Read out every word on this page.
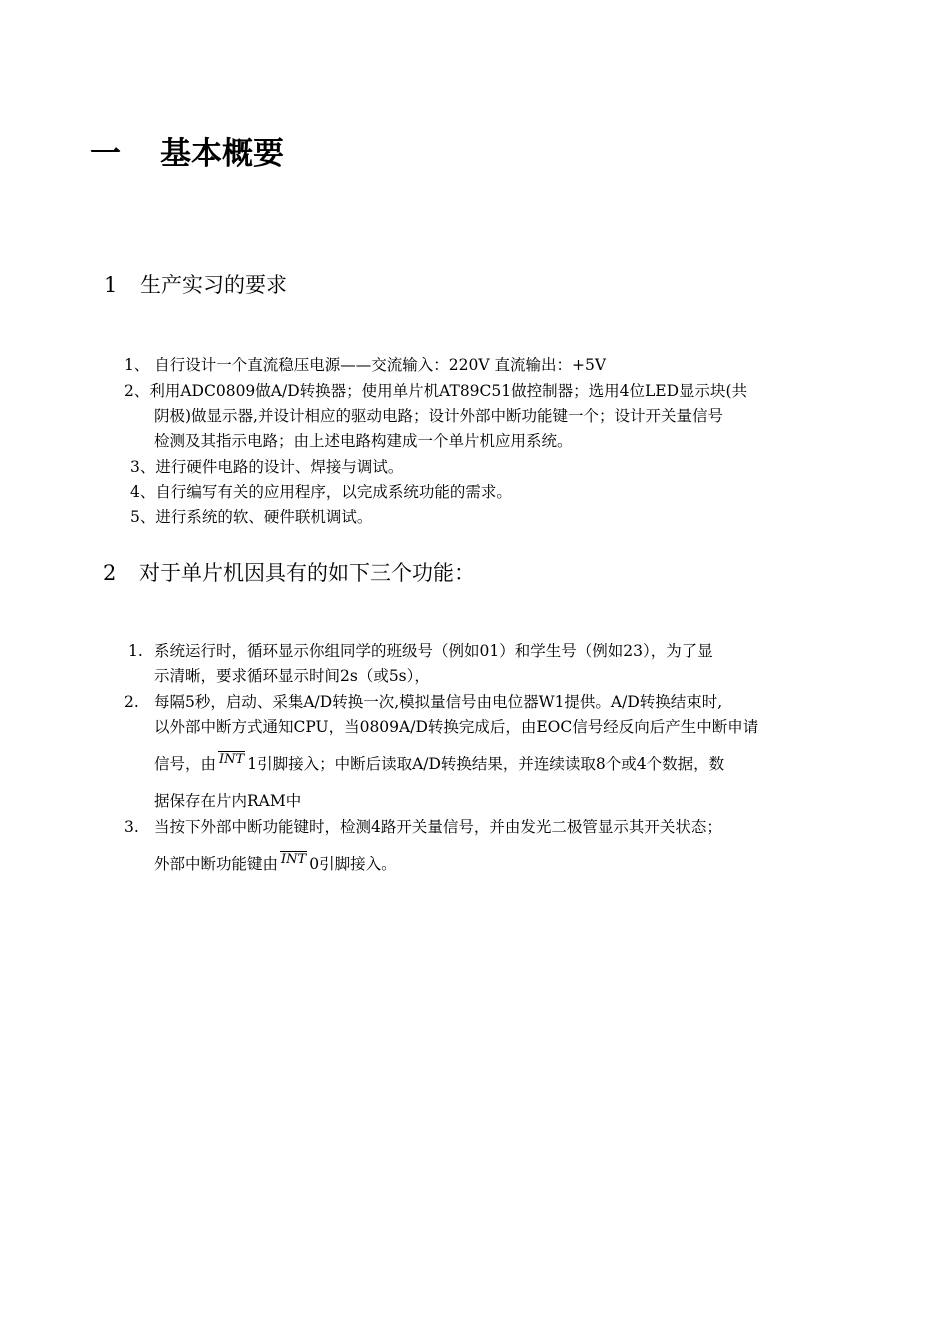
一 基本概要
1 生产实习的要求
1、 自行设计一个直流稳压电源——交流输入：220V 直流输出：+5V
2、利用ADC0809做A/D转换器；使用单片机AT89C51做控制器；选用4位LED显示块(共
阴极)做显示器,并设计相应的驱动电路；设计外部中断功能键一个；设计开关量信号
检测及其指示电路；由上述电路构建成一个单片机应用系统。
3、进行硬件电路的设计、焊接与调试。
4、自行编写有关的应用程序，以完成系统功能的需求。
5、进行系统的软、硬件联机调试。
2 对于单片机因具有的如下三个功能：
1. 系统运行时，循环显示你组同学的班级号（例如01）和学生号（例如23），为了显
示清晰，要求循环显示时间2s（或5s），
2. 每隔5秒，启动、采集A/D转换一次,模拟量信号由电位器W1提供。A/D转换结束时,
以外部中断方式通知CPU，当0809A/D转换完成后，由EOC信号经反向后产生中断申请
信号，由 INT 1引脚接入；中断后读取A/D转换结果，并连续读取8个或4个数据，数
据保存在片内RAM中
3. 当按下外部中断功能键时，检测4路开关量信号，并由发光二极管显示其开关状态；
外部中断功能键由 INT 0引脚接入。
